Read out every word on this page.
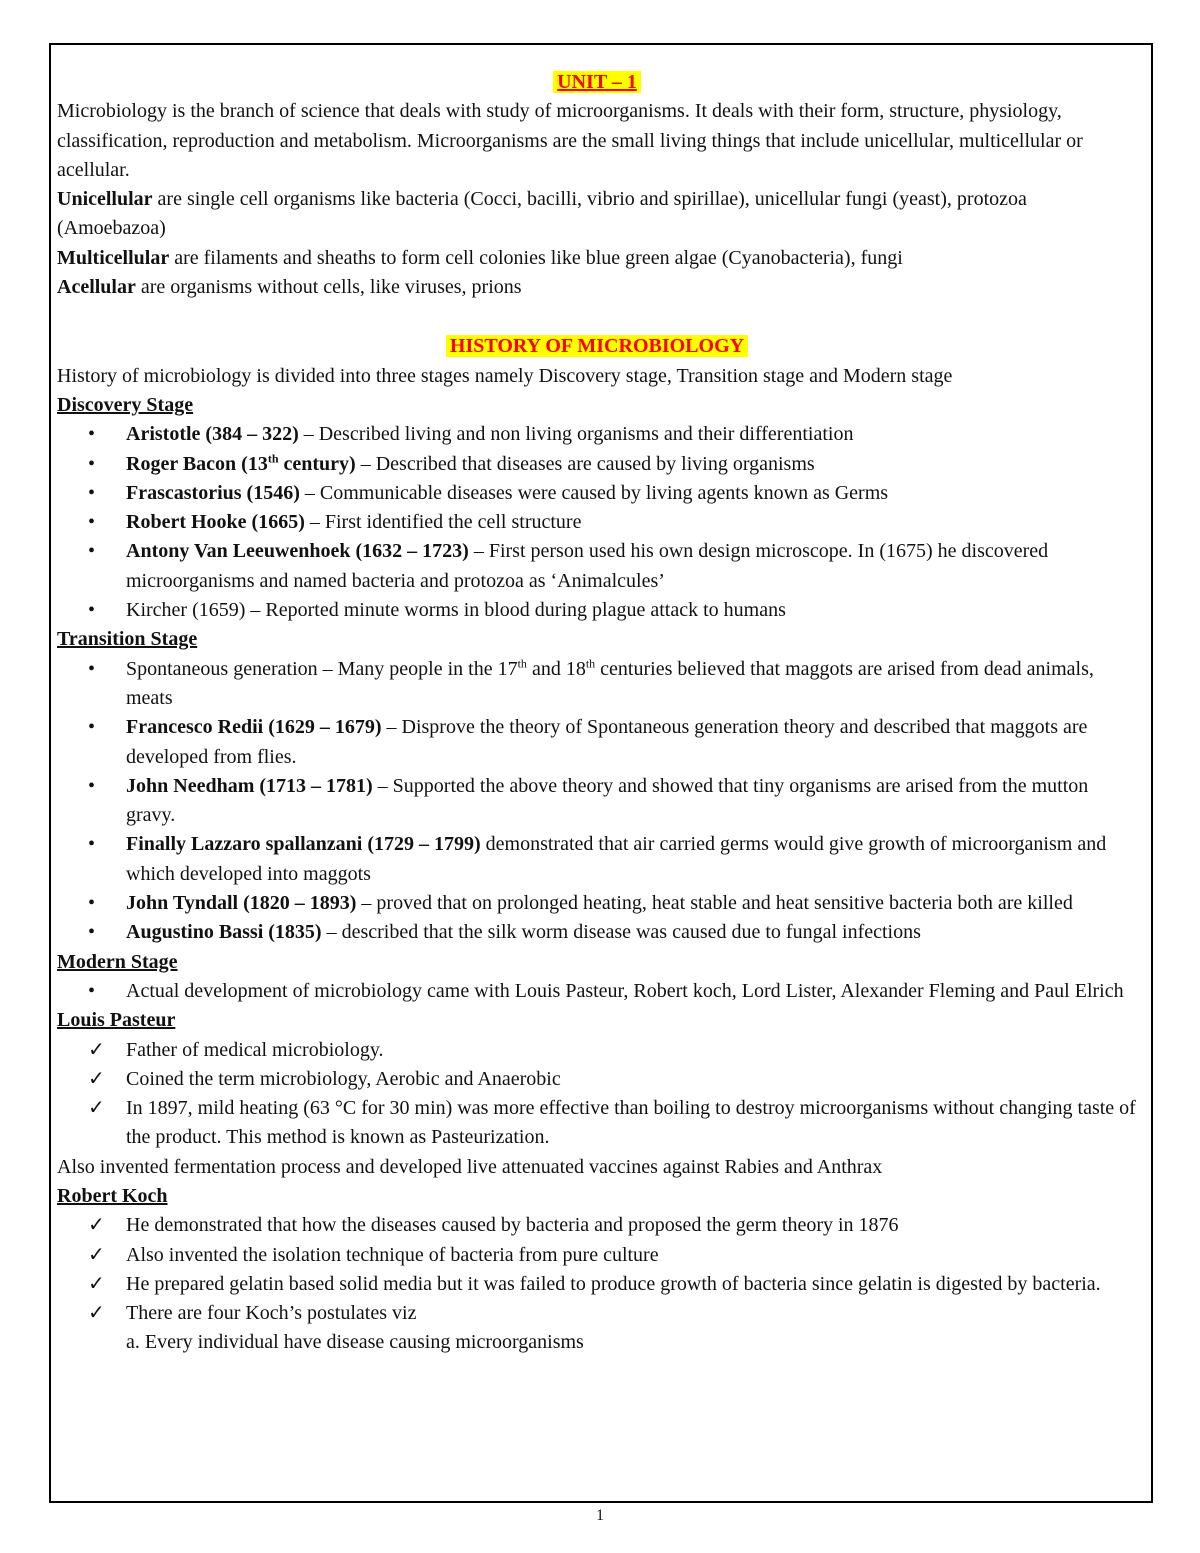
UNIT – 1

Microbiology is the branch of science that deals with study of microorganisms. It deals with their form, structure, physiology, classification, reproduction and metabolism. Microorganisms are the small living things that include unicellular, multicellular or acellular.

Unicellular are single cell organisms like bacteria (Cocci, bacilli, vibrio and spirillae), unicellular fungi (yeast), protozoa (Amoebazoa)

Multicellular are filaments and sheaths to form cell colonies like blue green algae (Cyanobacteria), fungi

Acellular are organisms without cells, like viruses, prions

HISTORY OF MICROBIOLOGY

History of microbiology is divided into three stages namely Discovery stage, Transition stage and Modern stage

Discovery Stage

•	Aristotle (384 – 322) – Described living and non living organisms and their differentiation
•	Roger Bacon (13th century) – Described that diseases are caused by living organisms
•	Frascastorius (1546) – Communicable diseases were caused by living agents known as Germs
•	Robert Hooke (1665) – First identified the cell structure
•	Antony Van Leeuwenhoek (1632 – 1723) – First person used his own design microscope. In (1675) he discovered microorganisms and named bacteria and protozoa as ‘Animalcules’
•	Kircher (1659) – Reported minute worms in blood during plague attack to humans

Transition Stage

•	Spontaneous generation – Many people in the 17th and 18th centuries believed that maggots are arised from dead animals, meats
•	Francesco Redii (1629 – 1679) – Disprove the theory of Spontaneous generation theory and described that maggots are developed from flies.
•	John Needham (1713 – 1781) – Supported the above theory and showed that tiny organisms are arised from the mutton gravy.
•	Finally Lazzaro spallanzani (1729 – 1799) demonstrated that air carried germs would give growth of microorganism and which developed into maggots
•	John Tyndall (1820 – 1893) – proved that on prolonged heating, heat stable and heat sensitive bacteria both are killed
•	Augustino Bassi (1835) – described that the silk worm disease was caused due to fungal infections

Modern Stage

•	Actual development of microbiology came with Louis Pasteur, Robert koch, Lord Lister, Alexander Fleming and Paul Elrich

Louis Pasteur

✓	Father of medical microbiology.
✓	Coined the term microbiology, Aerobic and Anaerobic
✓	In 1897, mild heating (63 °C for 30 min) was more effective than boiling to destroy microorganisms without changing taste of the product. This method is known as Pasteurization.

Also invented fermentation process and developed live attenuated vaccines against Rabies and Anthrax

Robert Koch

✓	He demonstrated that how the diseases caused by bacteria and proposed the germ theory in 1876
✓	Also invented the isolation technique of bacteria from pure culture
✓	He prepared gelatin based solid media but it was failed to produce growth of bacteria since gelatin is digested by bacteria.
✓	There are four Koch’s postulates viz

a. Every individual have disease causing microorganisms

1
